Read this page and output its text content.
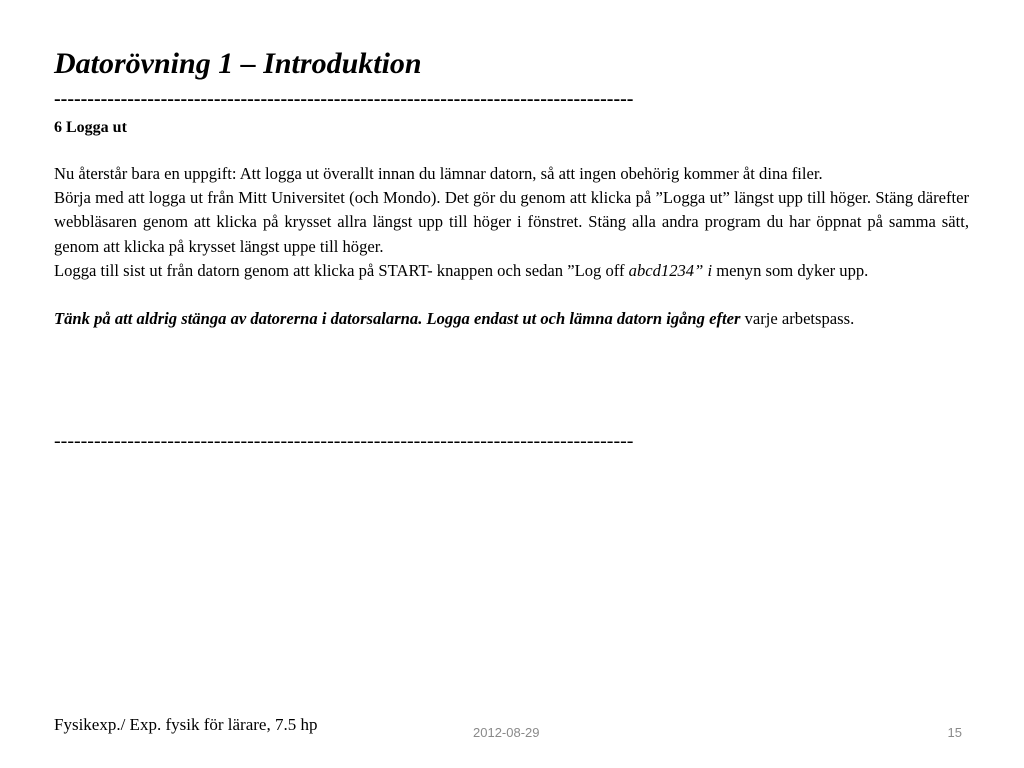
Datorövning 1 – Introduktion
---------------------------------------------------------------------------------------
6 Logga ut

Nu återstår bara en uppgift: Att logga ut överallt innan du lämnar datorn, så att ingen obehörig kommer åt dina filer.

Börja med att logga ut från Mitt Universitet (och Mondo). Det gör du genom att klicka på ”Logga ut” längst upp till höger. Stäng därefter webbläsaren genom att klicka på krysset allra längst upp till höger i fönstret. Stäng alla andra program du har öppnat på samma sätt, genom att klicka på krysset längst uppe till höger.

Logga till sist ut från datorn genom att klicka på START- knappen och sedan ”Log off abcd1234” i menyn som dyker upp.

Tänk på att aldrig stänga av datorerna i datorsalarna. Logga endast ut och lämna datorn igång efter varje arbetspass.

---------------------------------------------------------------------------------------
Fysikexp./ Exp. fysik för lärare, 7.5 hp	2012-08-29	15
